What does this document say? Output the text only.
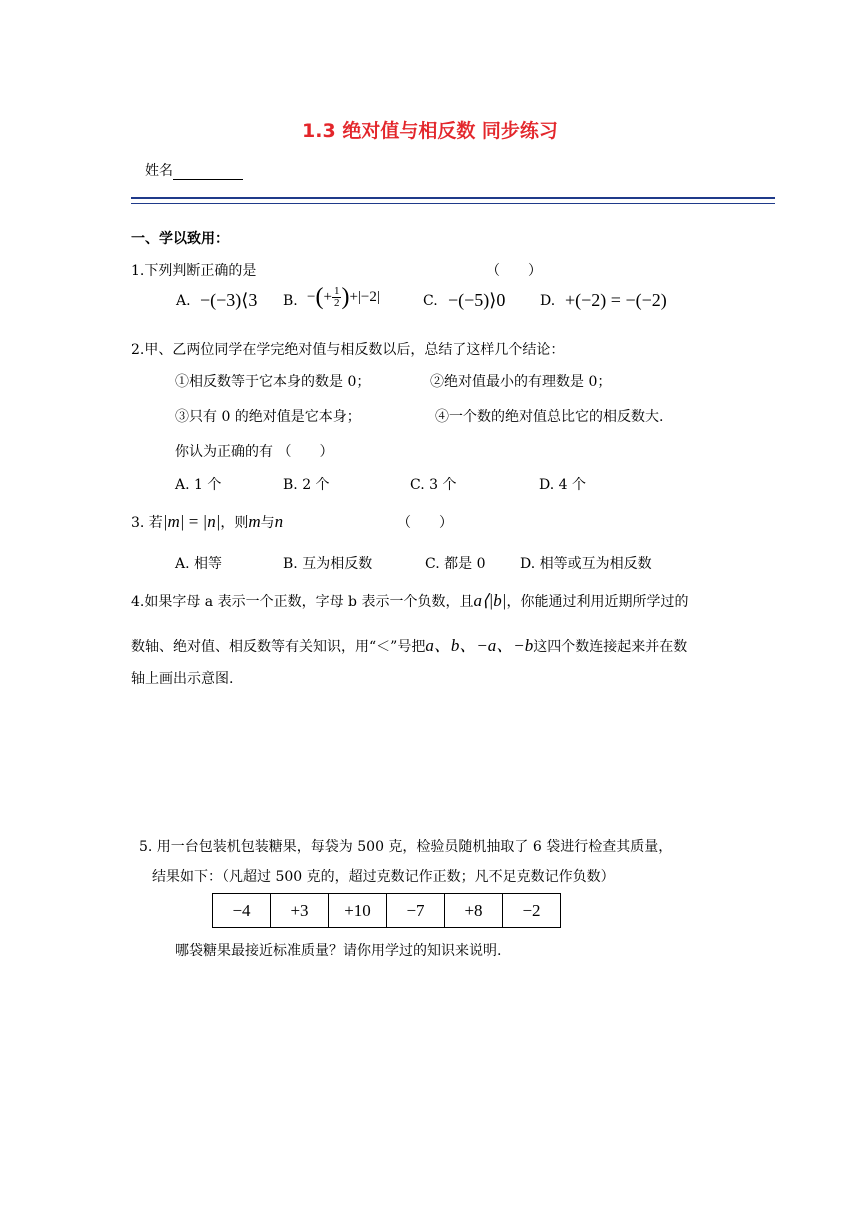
1.3 绝对值与相反数 同步练习
姓名
一、学以致用：
1.下列判断正确的是	（　　）
A. −(−3)⟨3 B. −(+ $\frac{1}{2} )+|-2|$	C. −(−5)⟩0 D. +(−2) = −(−2)
2.甲、乙两位同学在学完绝对值与相反数以后，总结了这样几个结论：
①相反数等于它本身的数是 0；	②绝对值最小的有理数是 0；
③只有 0 的绝对值是它本身；	④一个数的绝对值总比它的相反数大.
你认为正确的有 （　　）
A. 1 个	B. 2 个	C. 3 个	D. 4 个
3. 若|m| = |n|，则m与n	（　　）
A. 相等	B. 互为相反数	C. 都是 0 D. 相等或互为相反数
4.如果字母 a 表示一个正数，字母 b 表示一个负数，且a⟨|b|，你能通过利用近期所学过的
数轴、绝对值、相反数等有关知识，用“＜”号把a、b、−a、−b这四个数连接起来并在数
轴上画出示意图.
5. 用一台包装机包装糖果，每袋为 500 克，检验员随机抽取了 6 袋进行检查其质量，
结果如下：（凡超过 500 克的，超过克数记作正数；凡不足克数记作负数）
−4	+3	+10	−7	+8	−2
哪袋糖果最接近标准质量？请你用学过的知识来说明.
